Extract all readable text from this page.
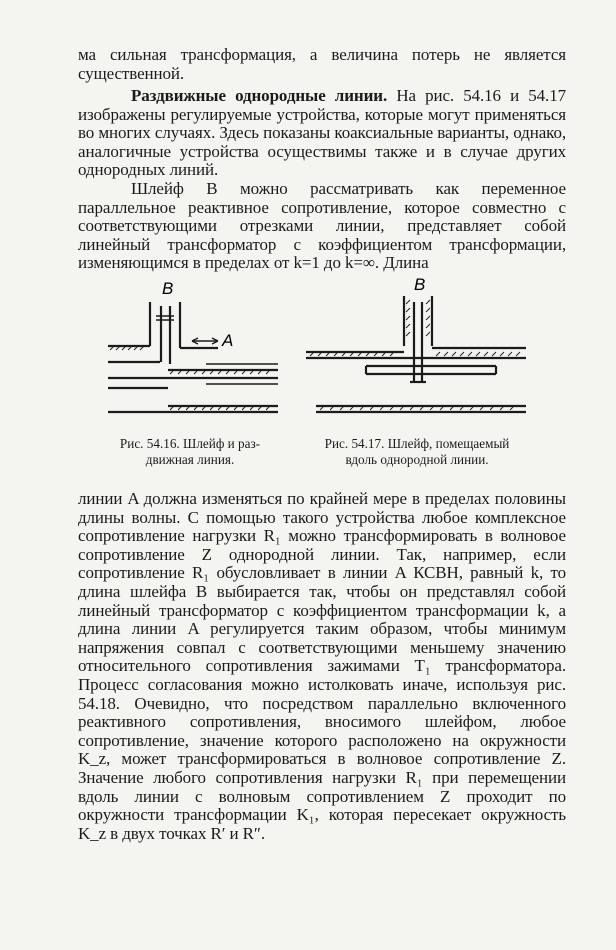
ма сильная трансформация, а величина потерь не является существенной.

Раздвижные однородные линии. На рис. 54.16 и 54.17 изображены регулируемые устройства, которые могут применяться во многих случаях. Здесь показаны коаксиальные варианты, однако, аналогичные устройства осуществимы также и в случае других однородных линий.

Шлейф B можно рассматривать как переменное параллельное реактивное сопротивление, которое совместно с соответствующими отрезками линии, представляет собой линейный трансформатор с коэффициентом трансформации, изменяющимся в пределах от k=1 до k=∞. Длина

B
A
B

Рис. 54.16. Шлейф и раз-
движная линия.

Рис. 54.17. Шлейф, помещаемый
вдоль однородной линии.

линии A должна изменяться по крайней мере в пределах половины длины волны. С помощью такого устройства любое комплексное сопротивление нагрузки R₁ можно трансформировать в волновое сопротивление Z однородной линии. Так, например, если сопротивление R₁ обусловливает в линии A КСВН, равный k, то длина шлейфа B выбирается так, чтобы он представлял собой линейный трансформатор с коэффициентом трансформации k, а длина линии A регулируется таким образом, чтобы минимум напряжения совпал с соответствующими меньшему значению относительного сопротивления зажимами T₁ трансформатора. Процесс согласования можно истолковать иначе, используя рис. 54.18. Очевидно, что посредством параллельно включенного реактивного сопротивления, вносимого шлейфом, любое сопротивление, значение которого расположено на окружности K_z, может трансформироваться в волновое сопротивление Z. Значение любого сопротивления нагрузки R₁ при перемещении вдоль линии с волновым сопротивлением Z проходит по окружности трансформации K₁, которая пересекает окружность K_z в двух точках R′ и R″.
